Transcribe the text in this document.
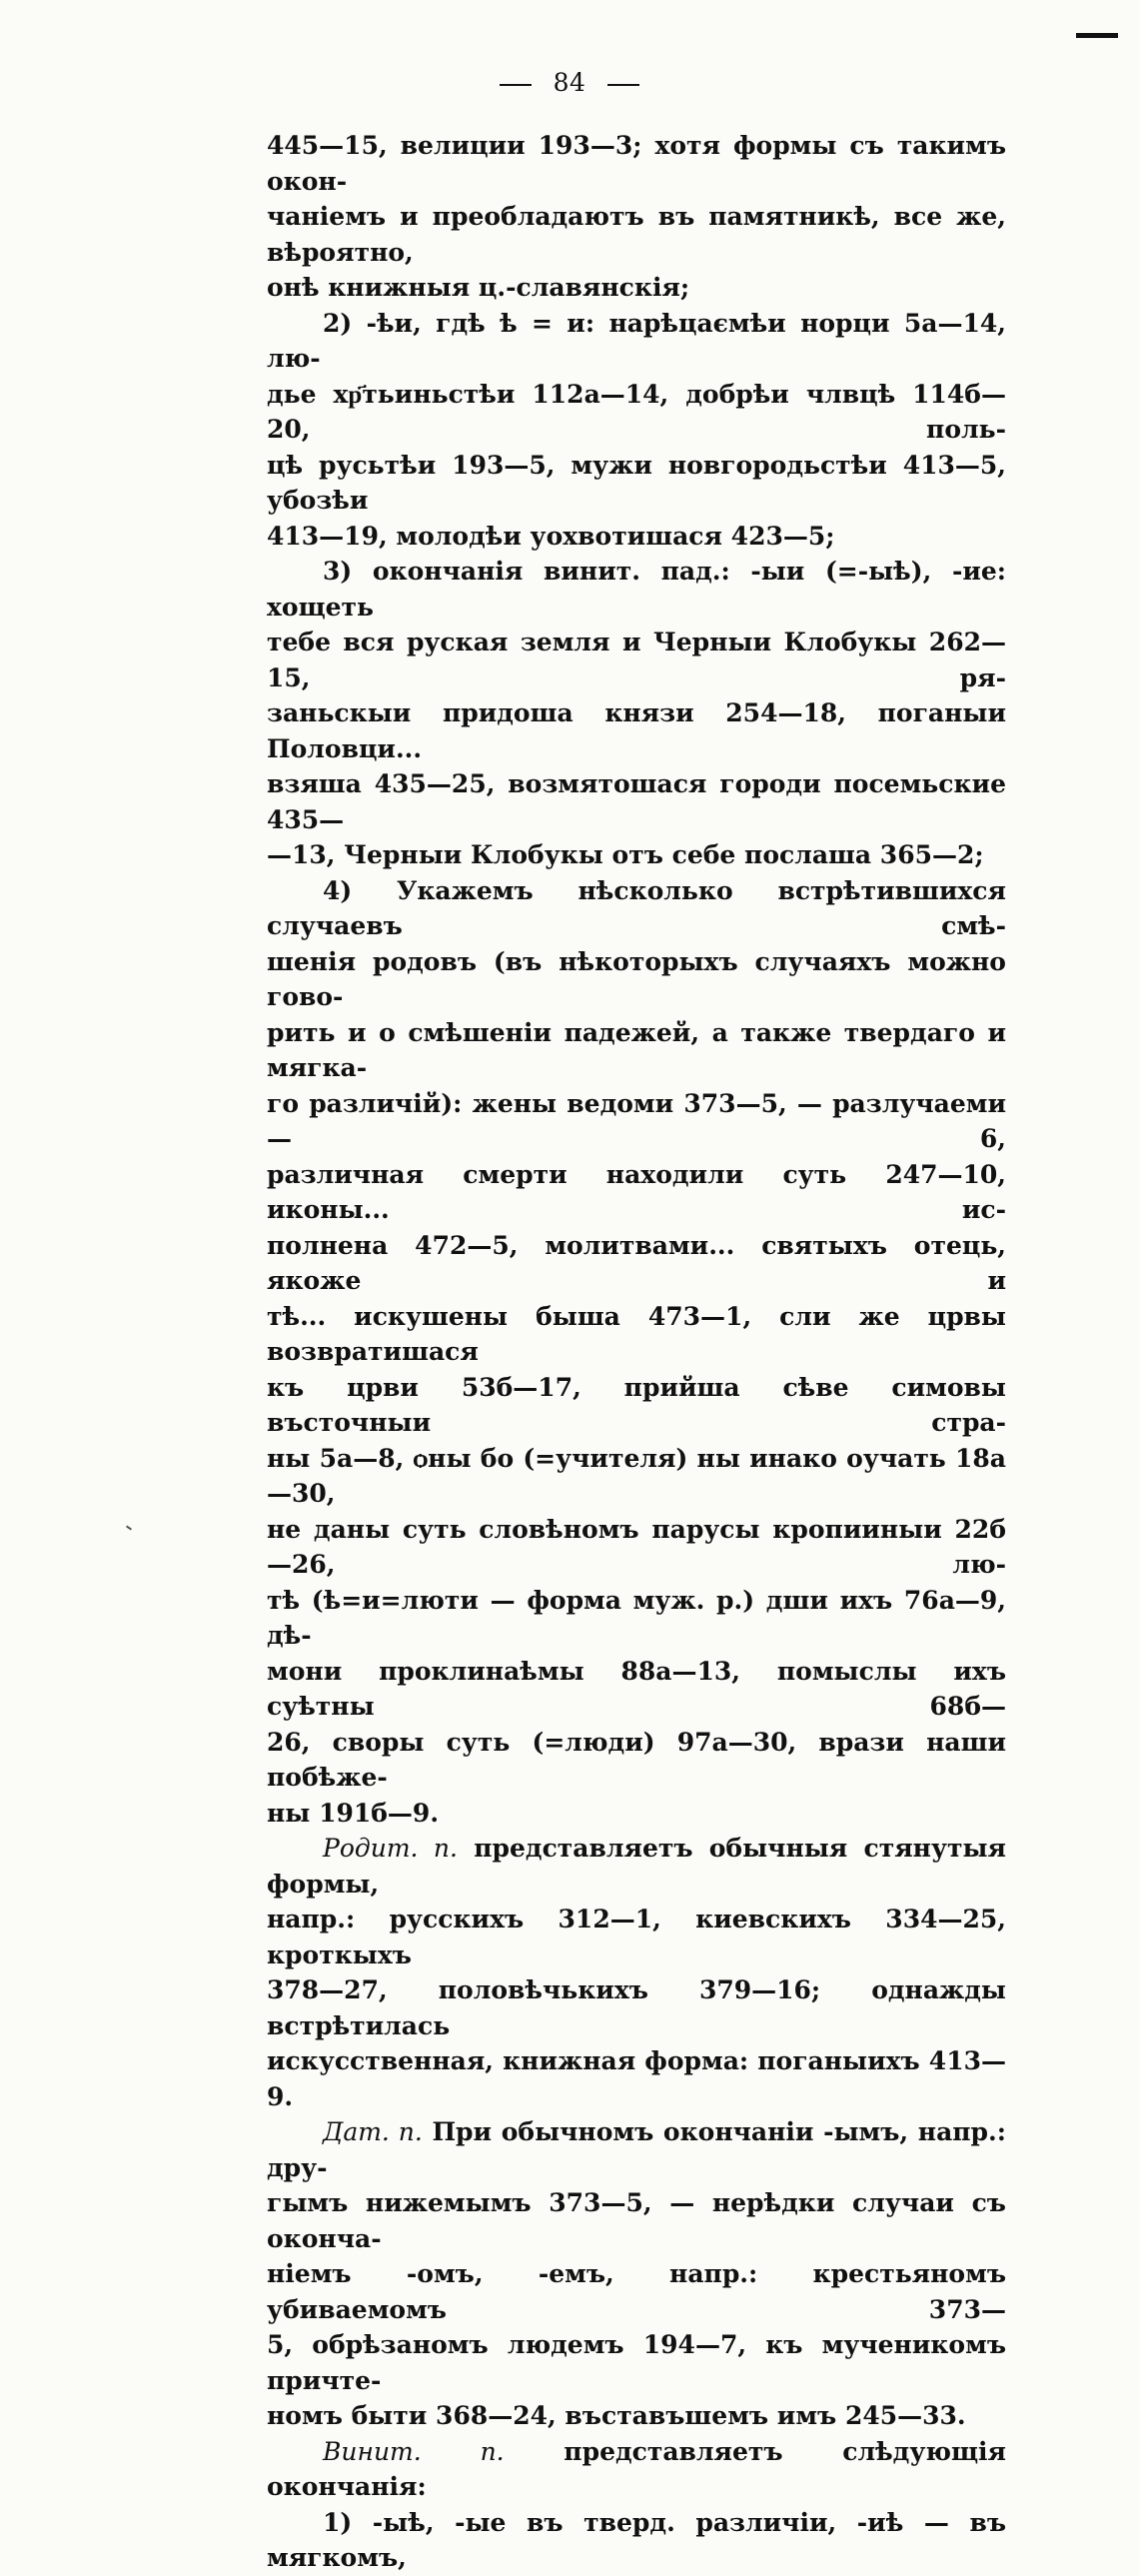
84
445—15, велиции 193—3; хотя формы съ такимъ окон-
чаніемъ и преобладаютъ въ памятникѣ, все же, вѣроятно,
онѣ книжныя ц.-славянскія;
2) -ѣи, гдѣ ѣ = и: нарѣцаємѣи норци 5а—14, лю-
дье хр҃тьиньстѣи 112а—14, добрѣи члвцѣ 114б—20, поль-
цѣ русьтѣи 193—5, мужи новгородьстѣи 413—5, убозѣи
413—19, молодѣи уохвотишася 423—5;
3) окончанія винит. пад.: -ыи (=-ыѣ), -ие: хощеть
тебе вся руская земля и Черныи Клобукы 262—15, ря-
заньскыи придоша князи 254—18, поганыи Половци...
взяша 435—25, возмятошася городи посемьские 435—
—13, Черныи Клобукы отъ себе послаша 365—2;
4) Укажемъ нѣсколько встрѣтившихся случаевъ смѣ-
шенія родовъ (въ нѣкоторыхъ случаяхъ можно гово-
рить и о смѣшеніи падежей, а также твердаго и мягка-
го различій): жены ведоми 373—5, — разлучаеми — 6,
различная смерти находили суть 247—10, иконы... ис-
полнена 472—5, молитвами... святыхъ отець, якоже и
тѣ... искушены быша 473—1, сли же црвы возвратишася
къ црви 53б—17, прийша сѣве симовы въсточныи стра-
ны 5а—8, ѻны бо (=учителя) ны инако оучать 18а—30,
не даны суть словѣномъ парусы кропииныи 22б—26, лю-
тѣ (ѣ=и=люти — форма муж. р.) дши ихъ 76а—9, дѣ-
мони проклинаѣмы 88а—13, помыслы ихъ суѣтны 68б—
26, своры суть (=люди) 97а—30, врази наши побѣже-
ны 191б—9.
Родит. п. представляетъ обычныя стянутыя формы,
напр.: русскихъ 312—1, киевскихъ 334—25, кроткыхъ
378—27, половѣчькихъ 379—16; однажды встрѣтилась
искусственная, книжная форма: поганыихъ 413—9.
Дат. п. При обычномъ окончаніи -ымъ, напр.: дру-
гымъ нижемымъ 373—5, — нерѣдки случаи съ оконча-
ніемъ -омъ, -емъ, напр.: крестьяномъ убиваемомъ 373—
5, обрѣзаномъ людемъ 194—7, къ мученикомъ причте-
номъ быти 368—24, въставъшемъ имъ 245—33.
Винит. п. представляетъ слѣдующія окончанія:
1) -ыѣ, -ые въ тверд. различіи, -иѣ — въ мягкомъ,
